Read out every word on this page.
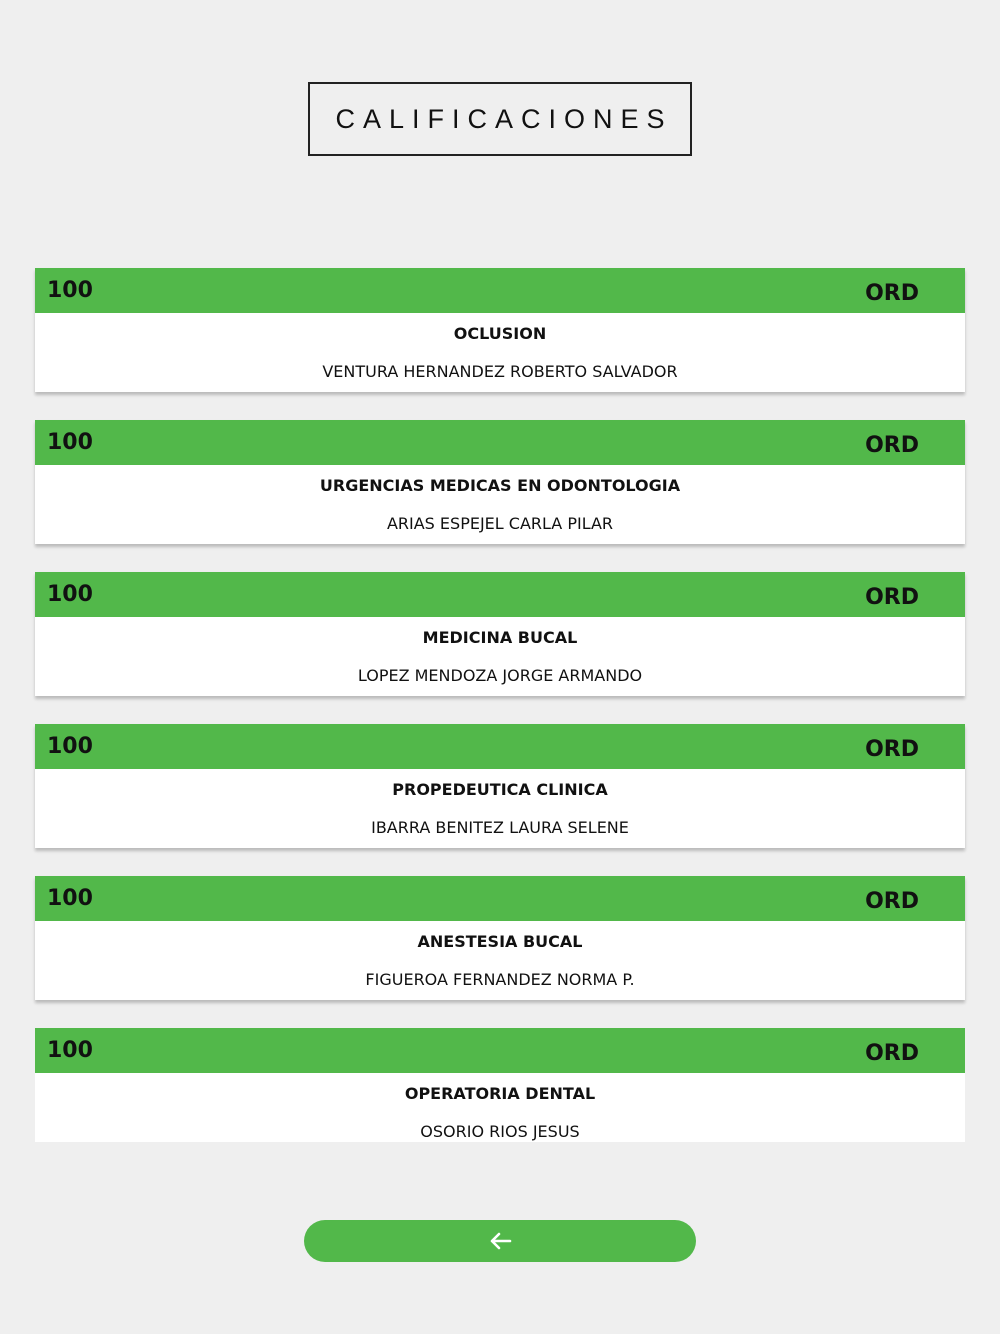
CALIFICACIONES
100	ORD
OCLUSION
VENTURA HERNANDEZ ROBERTO SALVADOR
100	ORD
URGENCIAS MEDICAS EN ODONTOLOGIA
ARIAS ESPEJEL CARLA PILAR
100	ORD
MEDICINA BUCAL
LOPEZ MENDOZA JORGE ARMANDO
100	ORD
PROPEDEUTICA CLINICA
IBARRA BENITEZ LAURA SELENE
100	ORD
ANESTESIA BUCAL
FIGUEROA FERNANDEZ NORMA P.
100	ORD
OPERATORIA DENTAL
OSORIO RIOS JESUS
